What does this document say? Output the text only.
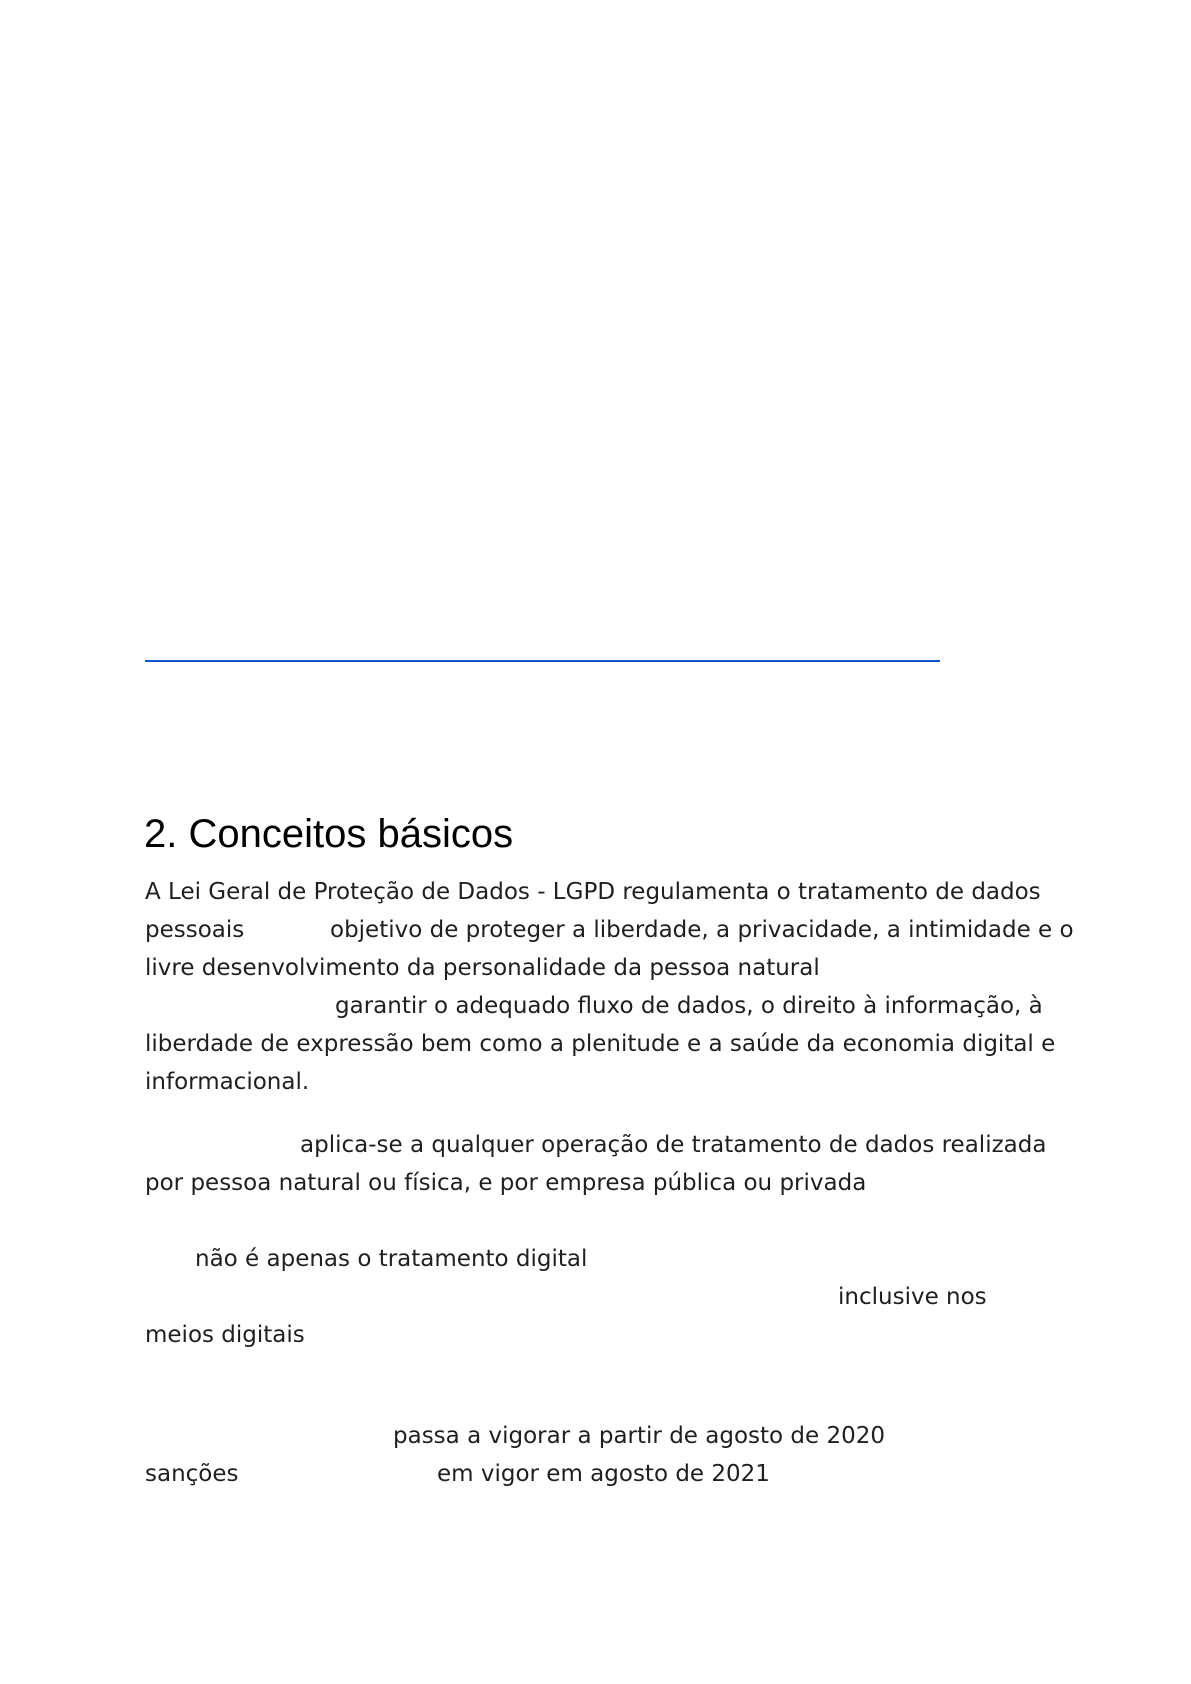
2. Conceitos básicos
A Lei Geral de Proteção de Dados - LGPD regulamenta o tratamento de dados
pessoais	objetivo de proteger a liberdade, a privacidade, a intimidade e o
livre desenvolvimento da personalidade da pessoa natural
garantir o adequado fluxo de dados, o direito à informação, à
liberdade de expressão bem como a plenitude e a saúde da economia digital e
informacional.
aplica-se a qualquer operação de tratamento de dados realizada
por pessoa natural ou física, e por empresa pública ou privada
não é apenas o tratamento digital
inclusive nos
meios digitais
passa a vigorar a partir de agosto de 2020
sanções	em vigor em agosto de 2021
